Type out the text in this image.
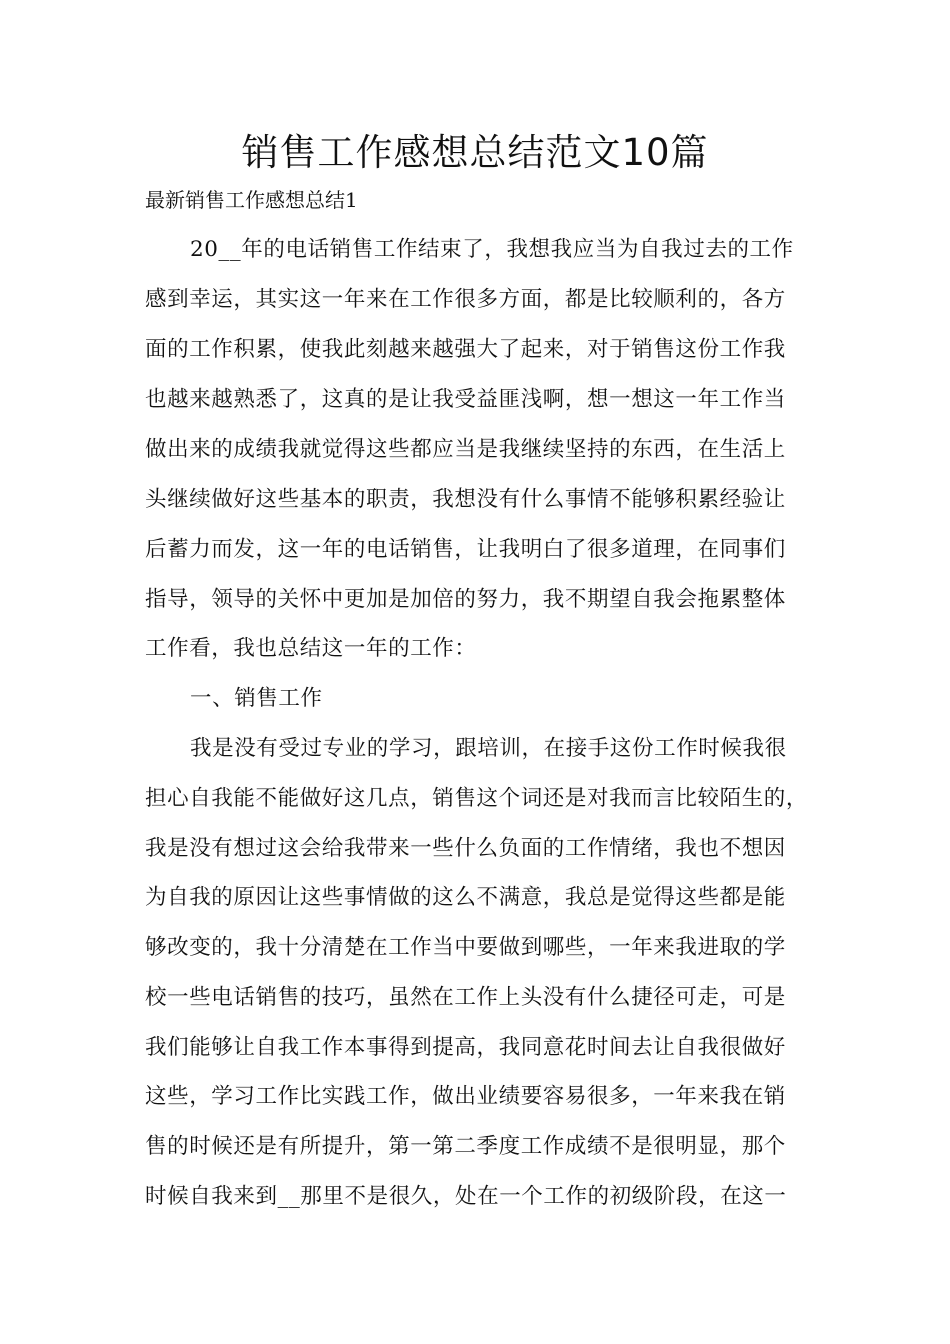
销售工作感想总结范文10篇

最新销售工作感想总结1

20__年的电话销售工作结束了，我想我应当为自我过去的工作

感到幸运，其实这一年来在工作很多方面，都是比较顺利的，各方

面的工作积累，使我此刻越来越强大了起来，对于销售这份工作我

也越来越熟悉了，这真的是让我受益匪浅啊，想一想这一年工作当

做出来的成绩我就觉得这些都应当是我继续坚持的东西，在生活上

头继续做好这些基本的职责，我想没有什么事情不能够积累经验让

后蓄力而发，这一年的电话销售，让我明白了很多道理，在同事们

指导，领导的关怀中更加是加倍的努力，我不期望自我会拖累整体

工作看，我也总结这一年的工作：

一、销售工作

我是没有受过专业的学习，跟培训，在接手这份工作时候我很

担心自我能不能做好这几点，销售这个词还是对我而言比较陌生的，

我是没有想过这会给我带来一些什么负面的工作情绪，我也不想因

为自我的原因让这些事情做的这么不满意，我总是觉得这些都是能

够改变的，我十分清楚在工作当中要做到哪些，一年来我进取的学

校一些电话销售的技巧，虽然在工作上头没有什么捷径可走，可是

我们能够让自我工作本事得到提高，我同意花时间去让自我很做好

这些，学习工作比实践工作，做出业绩要容易很多，一年来我在销

售的时候还是有所提升，第一第二季度工作成绩不是很明显，那个

时候自我来到__那里不是很久，处在一个工作的初级阶段，在这一
